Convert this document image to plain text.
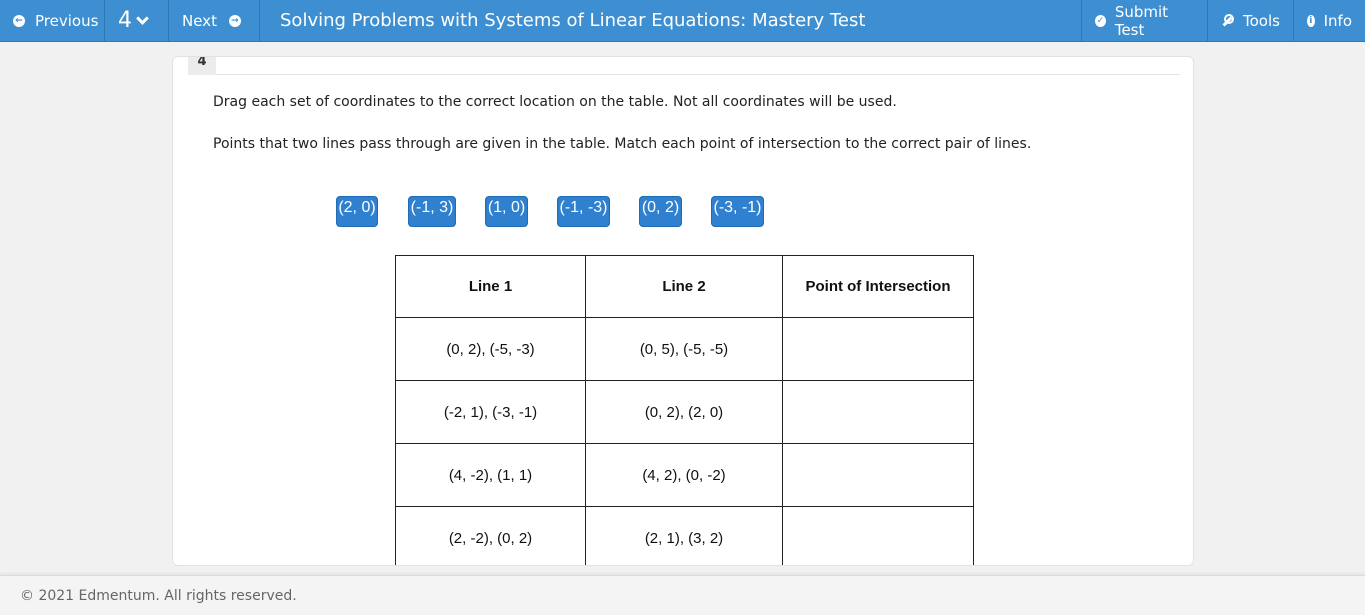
← Previous 4	Next →	Solving Problems with Systems of Linear Equations: Mastery Test	✓ Submit Test	Tools	i Info
4
Drag each set of coordinates to the correct location on the table. Not all coordinates will be used.
Points that two lines pass through are given in the table. Match each point of intersection to the correct pair of lines.
(2, 0) (-1, 3) (1, 0) (-1, -3) (0, 2) (-3, -1)
Line 1	Line 2	Point of Intersection
(0, 2), (-5, -3)	(0, 5), (-5, -5)	
(-2, 1), (-3, -1)	(0, 2), (2, 0)	
(4, -2), (1, 1)	(4, 2), (0, -2)	
(2, -2), (0, 2)	(2, 1), (3, 2)	
© 2021 Edmentum. All rights reserved.
